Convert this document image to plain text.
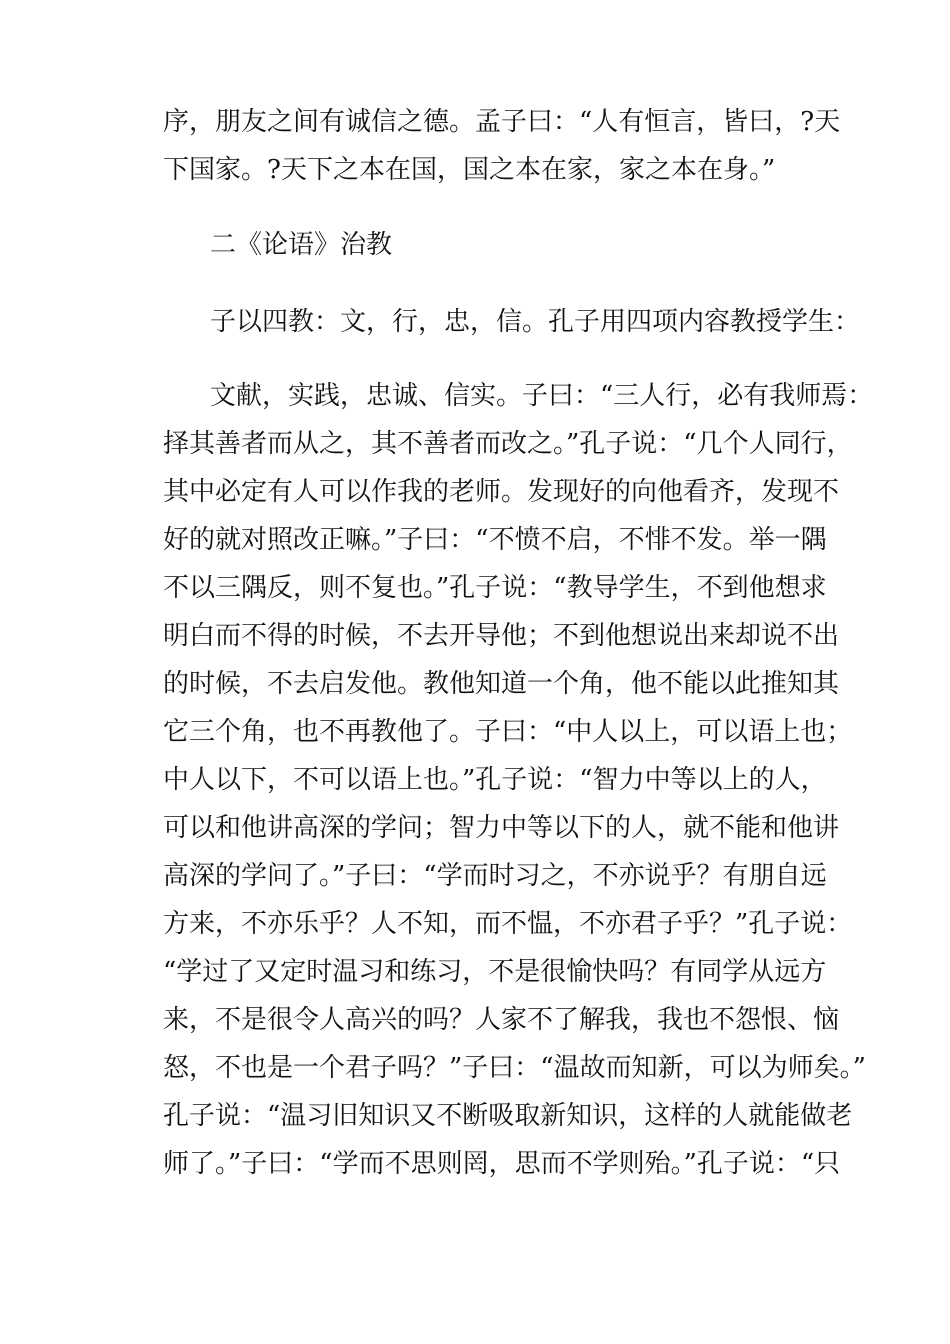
序，朋友之间有诚信之德。孟子曰：“人有恒言，皆曰，?天
下国家。?天下之本在国，国之本在家，家之本在身。”

二《论语》治教

子以四教：文，行，忠，信。孔子用四项内容教授学生：

文献，实践，忠诚、信实。子曰：“三人行，必有我师焉：
择其善者而从之，其不善者而改之。”孔子说：“几个人同行，
其中必定有人可以作我的老师。发现好的向他看齐，发现不
好的就对照改正嘛。”子曰：“不愤不启，不悱不发。举一隅
不以三隅反，则不复也。”孔子说：“教导学生，不到他想求
明白而不得的时候，不去开导他；不到他想说出来却说不出
的时候，不去启发他。教他知道一个角，他不能以此推知其
它三个角，也不再教他了。子曰：“中人以上，可以语上也；
中人以下，不可以语上也。”孔子说：“智力中等以上的人，
可以和他讲高深的学问；智力中等以下的人，就不能和他讲
高深的学问了。”子曰：“学而时习之，不亦说乎？有朋自远
方来，不亦乐乎？人不知，而不愠，不亦君子乎？”孔子说：
“学过了又定时温习和练习，不是很愉快吗？有同学从远方
来，不是很令人高兴的吗？人家不了解我，我也不怨恨、恼
怒，不也是一个君子吗？”子曰：“温故而知新，可以为师矣。”
孔子说：“温习旧知识又不断吸取新知识，这样的人就能做老
师了。”子曰：“学而不思则罔，思而不学则殆。”孔子说：“只
